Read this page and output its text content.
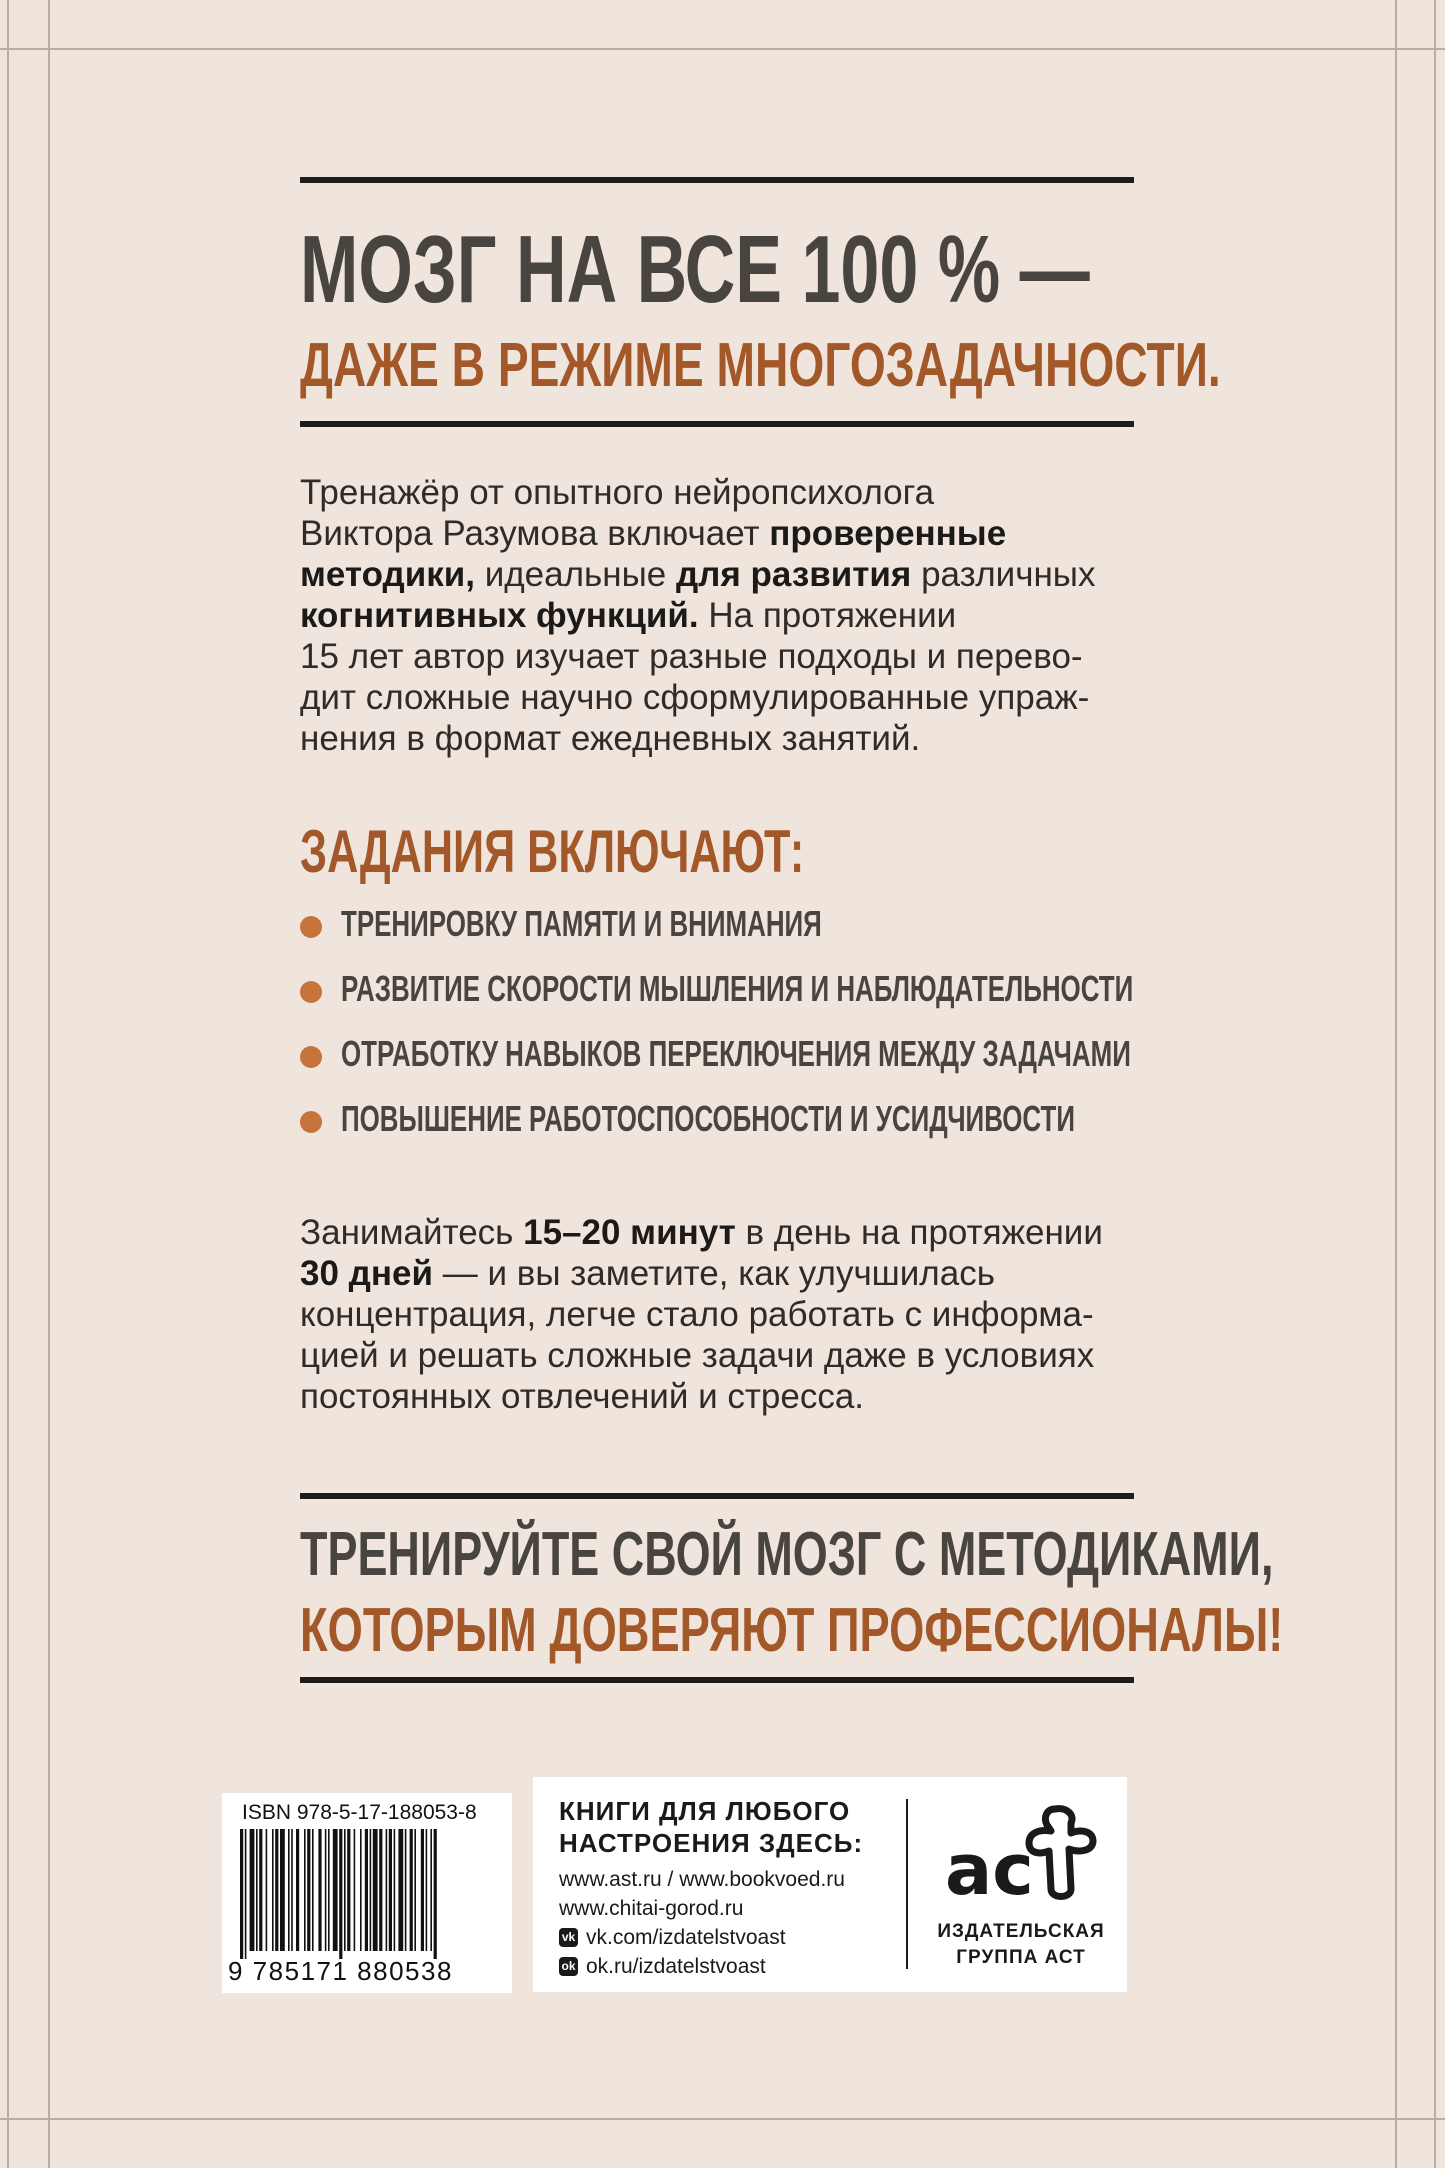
МОЗГ НА ВСЕ 100 % —
ДАЖЕ В РЕЖИМЕ МНОГОЗАДАЧНОСТИ.
Тренажёр от опытного нейропсихолога
Виктора Разумова включает проверенные
методики, идеальные для развития различных
когнитивных функций. На протяжении
15 лет автор изучает разные подходы и перево-
дит сложные научно сформулированные упраж-
нения в формат ежедневных занятий.
ЗАДАНИЯ ВКЛЮЧАЮТ:
ТРЕНИРОВКУ ПАМЯТИ И ВНИМАНИЯ
РАЗВИТИЕ СКОРОСТИ МЫШЛЕНИЯ И НАБЛЮДАТЕЛЬНОСТИ
ОТРАБОТКУ НАВЫКОВ ПЕРЕКЛЮЧЕНИЯ МЕЖДУ ЗАДАЧАМИ
ПОВЫШЕНИЕ РАБОТОСПОСОБНОСТИ И УСИДЧИВОСТИ
Занимайтесь 15–20 минут в день на протяжении
30 дней — и вы заметите, как улучшилась
концентрация, легче стало работать с информа-
цией и решать сложные задачи даже в условиях
постоянных отвлечений и стресса.
ТРЕНИРУЙТЕ СВОЙ МОЗГ С МЕТОДИКАМИ,
КОТОРЫМ ДОВЕРЯЮТ ПРОФЕССИОНАЛЫ!
ISBN 978-5-17-188053-8
9 785171 880538
КНИГИ ДЛЯ ЛЮБОГО
НАСТРОЕНИЯ ЗДЕСЬ:
www.ast.ru / www.bookvoed.ru
www.chitai-gorod.ru
vk vk.com/izdatelstvoast
ok ok.ru/izdatelstvoast
ac
ИЗДАТЕЛЬСКАЯ
ГРУППА АСТ
